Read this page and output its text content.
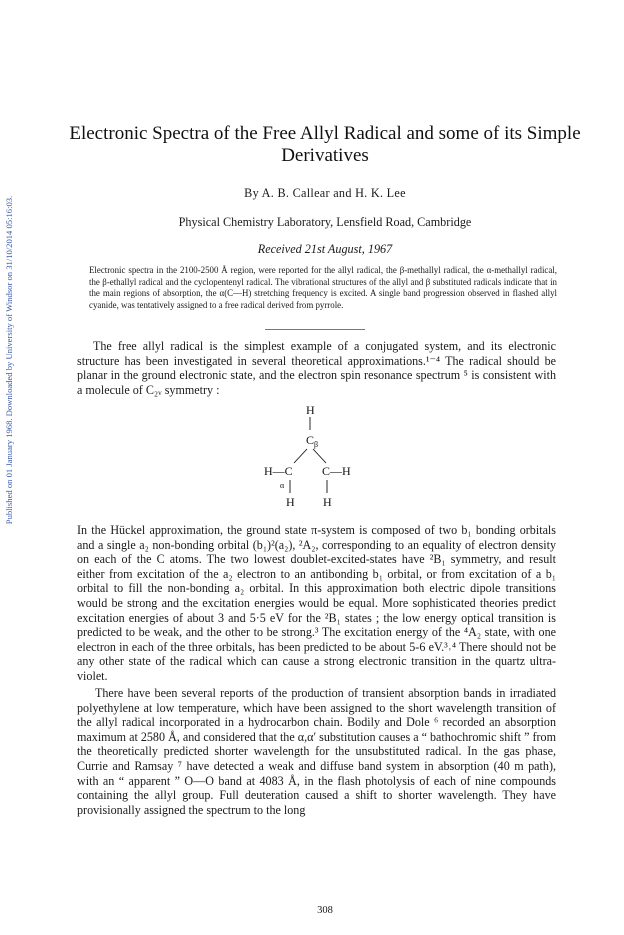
Published on 01 January 1968. Downloaded by University of Windsor on 31/10/2014 05:16:03.
Electronic Spectra of the Free Allyl Radical and some of its Simple Derivatives
By A. B. Callear and H. K. Lee
Physical Chemistry Laboratory, Lensfield Road, Cambridge
Received 21st August, 1967
Electronic spectra in the 2100-2500 Å region, were reported for the allyl radical, the β-methallyl radical, the α-methallyl radical, the β-ethallyl radical and the cyclopentenyl radical. The vibrational structures of the allyl and β substituted radicals indicate that in the main regions of absorption, the α(C—H) stretching frequency is excited. A single band progression observed in flashed allyl cyanide, was tentatively assigned to a free radical derived from pyrrole.
The free allyl radical is the simplest example of a conjugated system, and its electronic structure has been investigated in several theoretical approximations.¹⁻⁴ The radical should be planar in the ground electronic state, and the electron spin resonance spectrum ⁵ is consistent with a molecule of C₂ᵥ symmetry :
H
C β
H—C C—H
α
H H
In the Hückel approximation, the ground state π-system is composed of two b₁ bonding orbitals and a single a₂ non-bonding orbital (b₁)²(a₂), ²A₂, corresponding to an equality of electron density on each of the C atoms. The two lowest doublet-excited-states have ²B₁ symmetry, and result either from excitation of the a₂ electron to an antibonding b₁ orbital, or from excitation of a b₁ orbital to fill the non-bonding a₂ orbital. In this approximation both electric dipole transitions would be strong and the excitation energies would be equal. More sophisticated theories predict excitation energies of about 3 and 5·5 eV for the ²B₁ states ; the low energy optical transition is predicted to be weak, and the other to be strong.³ The excitation energy of the ⁴A₂ state, with one electron in each of the three orbitals, has been predicted to be about 5-6 eV.³˒⁴ There should not be any other state of the radical which can cause a strong electronic transition in the quartz ultra-violet.
There have been several reports of the production of transient absorption bands in irradiated polyethylene at low temperature, which have been assigned to the short wavelength transition of the allyl radical incorporated in a hydrocarbon chain. Bodily and Dole ⁶ recorded an absorption maximum at 2580 Å, and considered that the α,α′ substitution causes a “ bathochromic shift ” from the theoretically predicted shorter wavelength for the unsubstituted radical. In the gas phase, Currie and Ramsay ⁷ have detected a weak and diffuse band system in absorption (40 m path), with an “ apparent ” O—O band at 4083 Å, in the flash photolysis of each of nine compounds containing the allyl group. Full deuteration caused a shift to shorter wavelength. They have provisionally assigned the spectrum to the long
308
